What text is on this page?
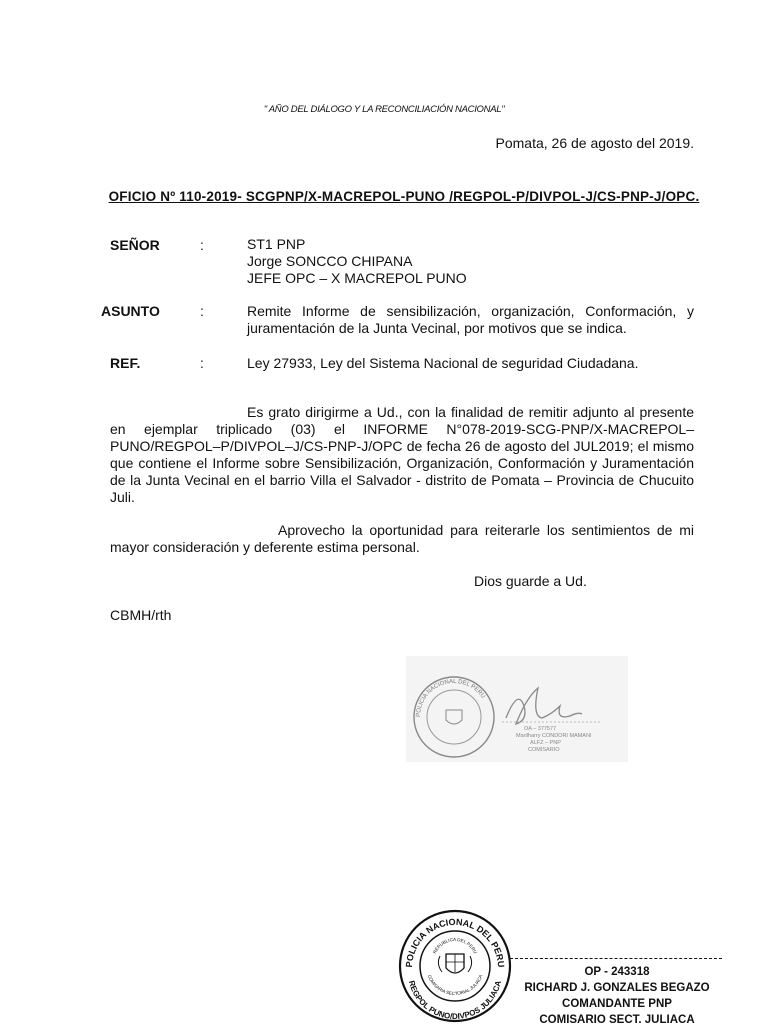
" AÑO DEL DIÁLOGO Y LA RECONCILIACIÓN NACIONAL"
Pomata, 26 de agosto del 2019.
OFICIO Nº 110-2019- SCGPNP/X-MACREPOL-PUNO /REGPOL-P/DIVPOL-J/CS-PNP-J/OPC.
SEÑOR	:	ST1 PNP
Jorge SONCCO CHIPANA
JEFE OPC – X MACREPOL PUNO
ASUNTO	:	Remite Informe de sensibilización, organización, Conformación, y juramentación de la Junta Vecinal, por motivos que se indica.
REF.	:	Ley 27933, Ley del Sistema Nacional de seguridad Ciudadana.
Es grato dirigirme a Ud., con la finalidad de remitir adjunto al presente en ejemplar triplicado (03) el INFORME N°078-2019-SCG-PNP/X-MACREPOL–PUNO/REGPOL–P/DIVPOL–J/CS-PNP-J/OPC de fecha 26 de agosto del JUL2019; el mismo que contiene el Informe sobre Sensibilización, Organización, Conformación y Juramentación de la Junta Vecinal en el barrio Villa el Salvador - distrito de Pomata – Provincia de Chucuito Juli.
Aprovecho la oportunidad para reiterarle los sentimientos de mi mayor consideración y deferente estima personal.
Dios guarde a Ud.
CBMH/rth
POLICIA NACIONAL DEL PERU
OA – 377577
Marilharry CONDORI MAMANI
ALFZ – PNP
COMISARIO
POLICIA NACIONAL DEL PERU
REGPOL PUNO/DIVPOS JULIACA
REPUBLICA DEL PERU
COMISARIA SECTORIAL JULIACA	OP - 243318
RICHARD J. GONZALES BEGAZO
COMANDANTE PNP
COMISARIO SECT. JULIACA
